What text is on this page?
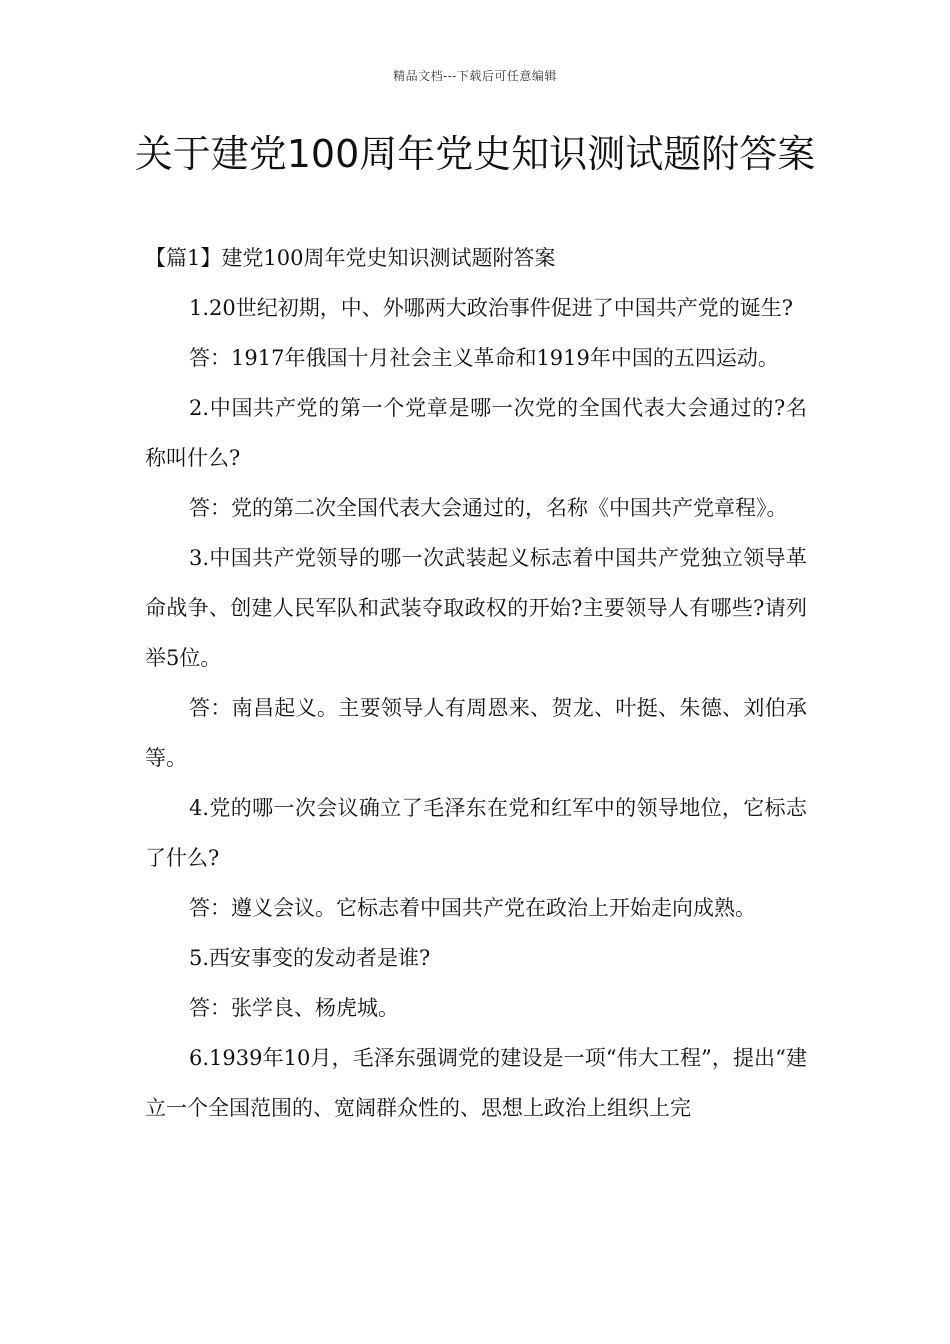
精品文档---下载后可任意编辑
关于建党100周年党史知识测试题附答案

【篇1】建党100周年党史知识测试题附答案

1.20世纪初期，中、外哪两大政治事件促进了中国共产党的诞生?

答：1917年俄国十月社会主义革命和1919年中国的五四运动。

2.中国共产党的第一个党章是哪一次党的全国代表大会通过的?名称叫什么?

答：党的第二次全国代表大会通过的，名称《中国共产党章程》。

3.中国共产党领导的哪一次武装起义标志着中国共产党独立领导革命战争、创建人民军队和武装夺取政权的开始?主要领导人有哪些?请列举5位。

答：南昌起义。主要领导人有周恩来、贺龙、叶挺、朱德、刘伯承等。

4.党的哪一次会议确立了毛泽东在党和红军中的领导地位，它标志了什么?

答：遵义会议。它标志着中国共产党在政治上开始走向成熟。

5.西安事变的发动者是谁?

答：张学良、杨虎城。

6.1939年10月，毛泽东强调党的建设是一项“伟大工程”，提出“建立一个全国范围的、宽阔群众性的、思想上政治上组织上完
